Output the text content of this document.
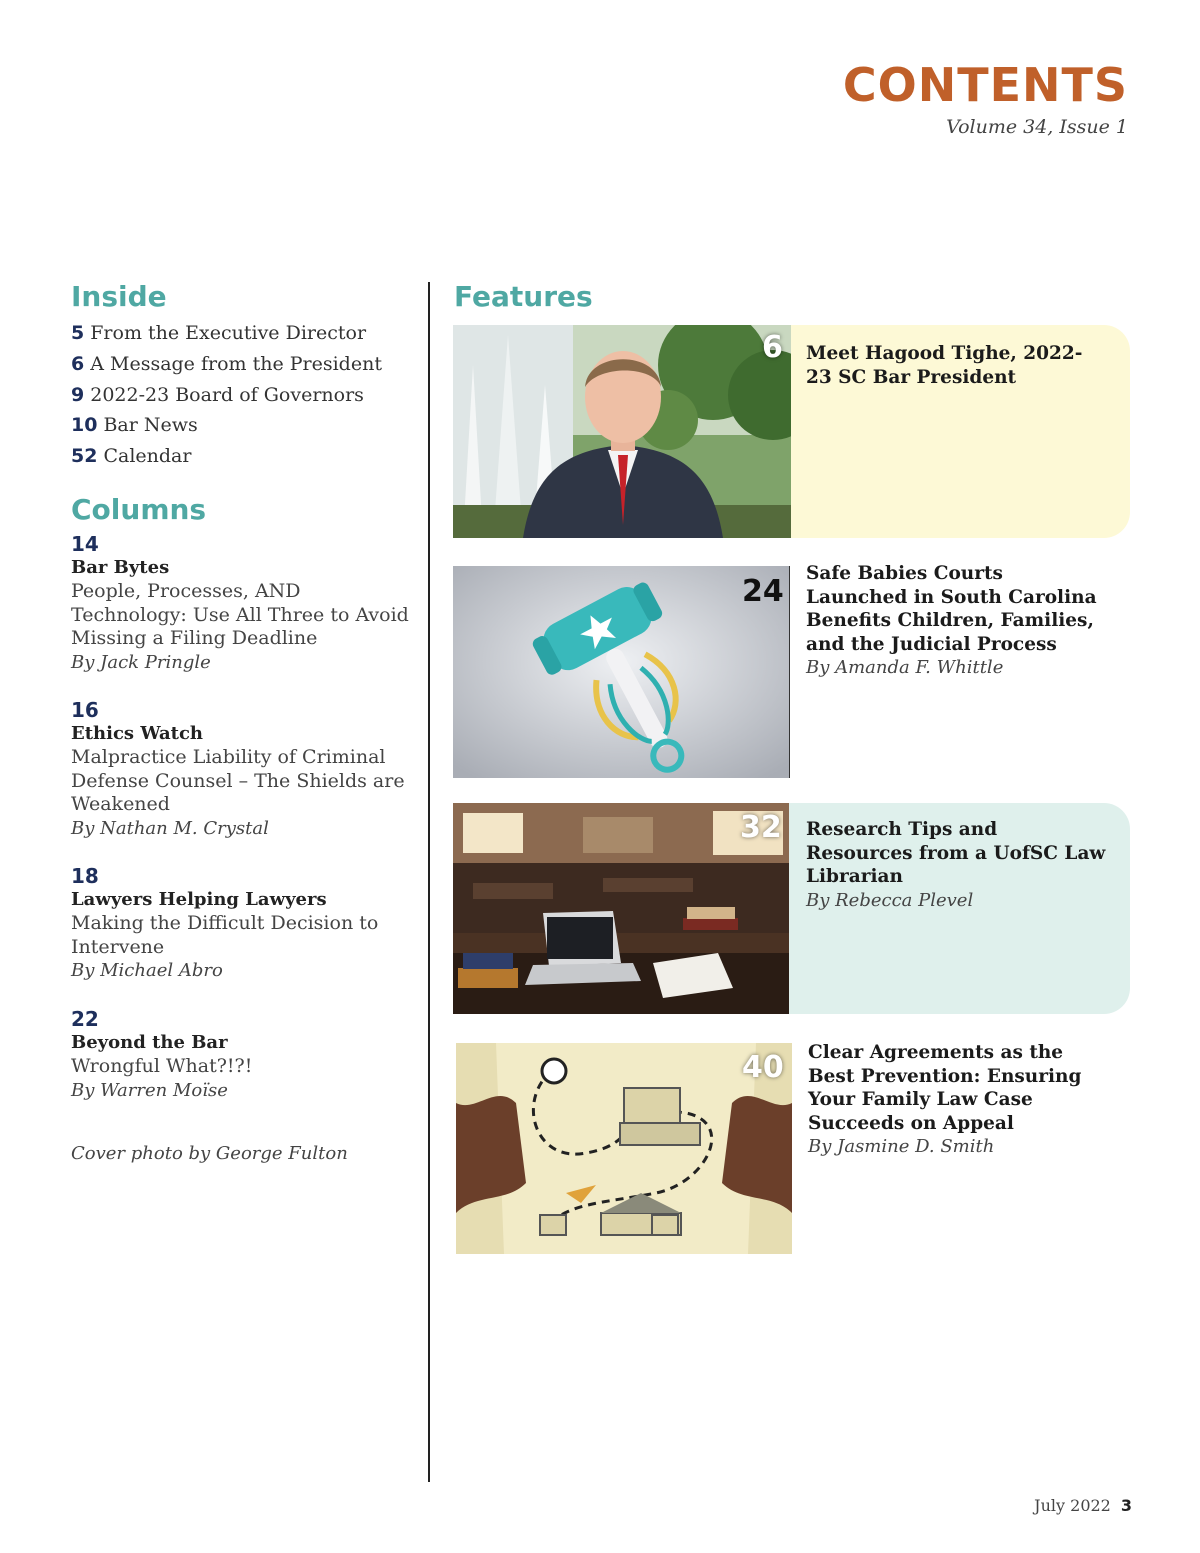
CONTENTS
Volume 34, Issue 1
Inside
5 From the Executive Director
6 A Message from the President
9 2022-23 Board of Governors
10 Bar News
52 Calendar
Columns
14
Bar Bytes
People, Processes, AND Technology: Use All Three to Avoid Missing a Filing Deadline
By Jack Pringle
16
Ethics Watch
Malpractice Liability of Criminal Defense Counsel – The Shields are Weakened
By Nathan M. Crystal
18
Lawyers Helping Lawyers
Making the Difficult Decision to Intervene
By Michael Abro
22
Beyond the Bar
Wrongful What?!?!
By Warren Moïse
Cover photo by George Fulton
Features
6 Meet Hagood Tighe, 2022-23 SC Bar President
24
Safe Babies Courts Launched in South Carolina Benefits Children, Families, and the Judicial Process
By Amanda F. Whittle
32 Research Tips and Resources from a UofSC Law Librarian
By Rebecca Plevel
40 Clear Agreements as the Best Prevention: Ensuring Your Family Law Case Succeeds on Appeal
By Jasmine D. Smith
July 2022 3
